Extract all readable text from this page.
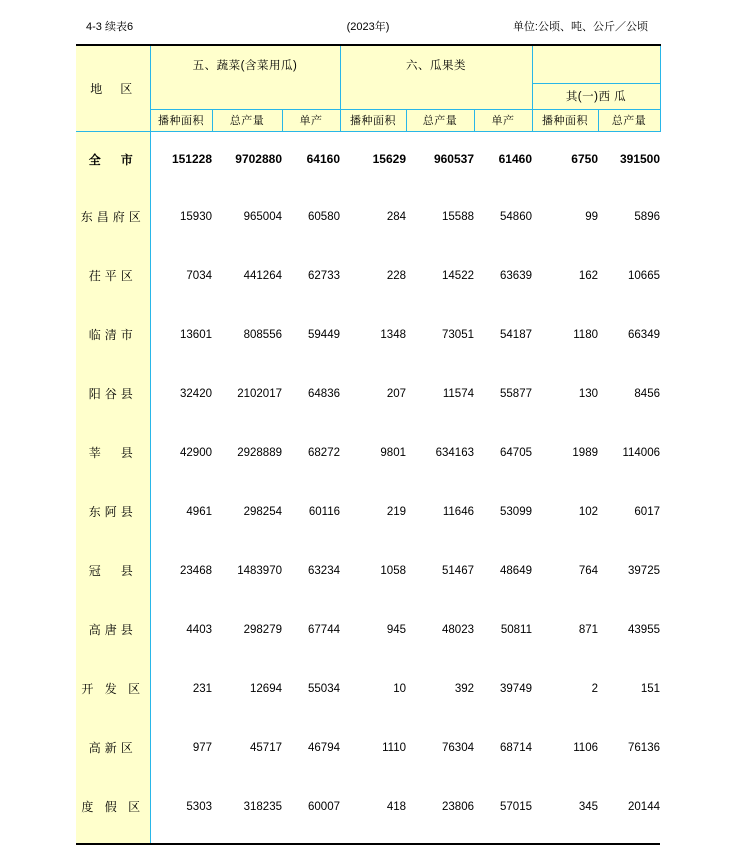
4-3 续表6	(2023年)	单位:公顷、吨、公斤／公顷
地　区	五、蔬菜(含菜用瓜)			六、瓜果类				
							其(一)西 瓜	
	播种面积	总产量	单产	播种面积	总产量	单产	播种面积	总产量
全　市	151228	9702880	64160	15629	960537	61460	6750	391500
东昌府区	15930	965004	60580	284	15588	54860	99	5896
茌平区	7034	441264	62733	228	14522	63639	162	10665
临清市	13601	808556	59449	1348	73051	54187	1180	66349
阳谷县	32420	2102017	64836	207	11574	55877	130	8456
莘　县	42900	2928889	68272	9801	634163	64705	1989	114006
东阿县	4961	298254	60116	219	11646	53099	102	6017
冠　县	23468	1483970	63234	1058	51467	48649	764	39725
高唐县	4403	298279	67744	945	48023	50811	871	43955
开 发 区	231	12694	55034	10	392	39749	2	151
高新区	977	45717	46794	1110	76304	68714	1106	76136
度 假 区	5303	318235	60007	418	23806	57015	345	20144
